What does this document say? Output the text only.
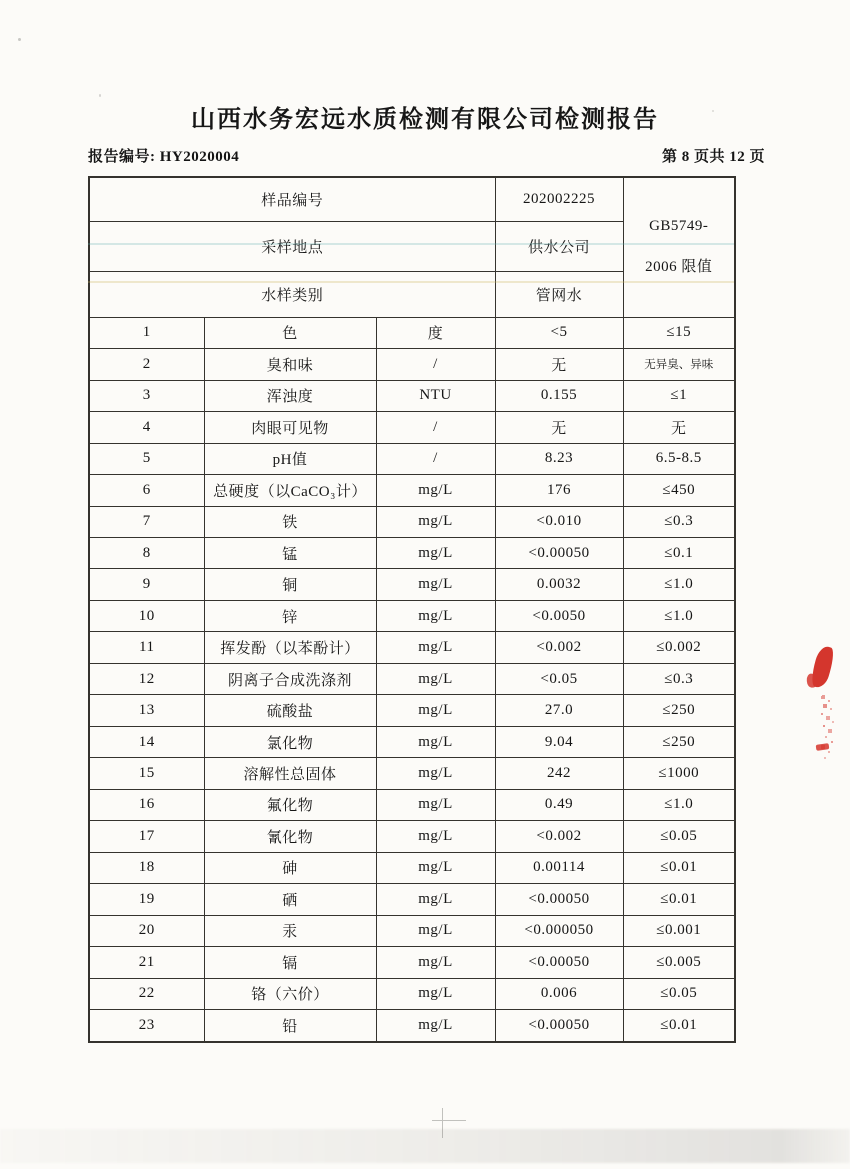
山西水务宏远水质检测有限公司检测报告
报告编号: HY2020004	第 8 页共 12 页
样品编号			202002225	GB5749-
2006 限值

采样地点			供水公司	
水样类别			管网水	
1	色	度	<5	≤15
2	臭和味	/	无	无异臭、异味
3	浑浊度	NTU	0.155	≤1
4	肉眼可见物	/	无	无
5	pH值	/	8.23	6.5-8.5
6	总硬度（以CaCO₃计）	mg/L	176	≤450
7	铁	mg/L	<0.010	≤0.3
8	锰	mg/L	<0.00050	≤0.1
9	铜	mg/L	0.0032	≤1.0
10	锌	mg/L	<0.0050	≤1.0
11	挥发酚（以苯酚计）	mg/L	<0.002	≤0.002
12	阴离子合成洗涤剂	mg/L	<0.05	≤0.3
13	硫酸盐	mg/L	27.0	≤250
14	氯化物	mg/L	9.04	≤250
15	溶解性总固体	mg/L	242	≤1000
16	氟化物	mg/L	0.49	≤1.0
17	氰化物	mg/L	<0.002	≤0.05
18	砷	mg/L	0.00114	≤0.01
19	硒	mg/L	<0.00050	≤0.01
20	汞	mg/L	<0.000050	≤0.001
21	镉	mg/L	<0.00050	≤0.005
22	铬（六价）	mg/L	0.006	≤0.05
23	铅	mg/L	<0.00050	≤0.01
